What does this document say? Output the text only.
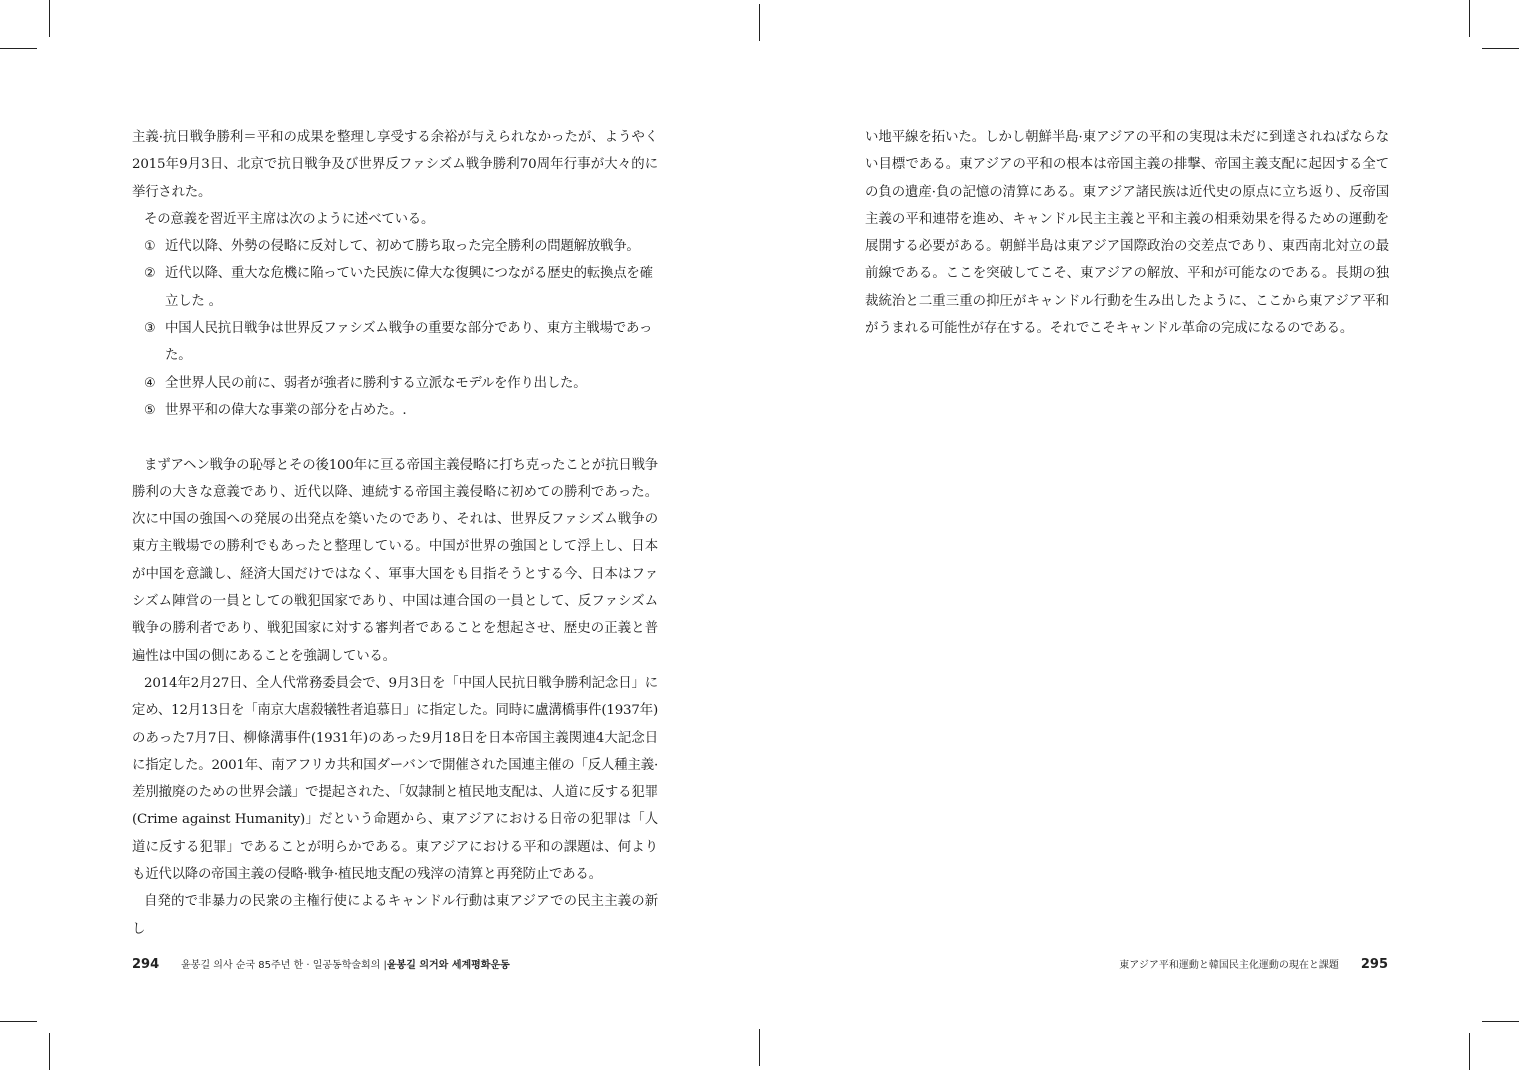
主義·抗日戦争勝利＝平和の成果を整理し享受する余裕が与えられなかったが、ようやく2015年9月3日、北京で抗日戦争及び世界反ファシズム戦争勝利70周年行事が大々的に挙行された。

その意義を習近平主席は次のように述べている。

① 近代以降、外勢の侵略に反対して、初めて勝ち取った完全勝利の問題解放戦争。
② 近代以降、重大な危機に陥っていた民族に偉大な復興につながる歴史的転換点を確立した 。
③ 中国人民抗日戦争は世界反ファシズム戦争の重要な部分であり、東方主戦場であった。
④ 全世界人民の前に、弱者が強者に勝利する立派なモデルを作り出した。
⑤ 世界平和の偉大な事業の部分を占めた。.

まずアヘン戦争の恥辱とその後100年に亘る帝国主義侵略に打ち克ったことが抗日戦争勝利の大きな意義であり、近代以降、連続する帝国主義侵略に初めての勝利であった。次に中国の強国への発展の出発点を築いたのであり、それは、世界反ファシズム戦争の東方主戦場での勝利でもあったと整理している。中国が世界の強国として浮上し、日本が中国を意識し、経済大国だけではなく、軍事大国をも目指そうとする今、日本はファシズム陣営の一員としての戦犯国家であり、中国は連合国の一員として、反ファシズム戦争の勝利者であり、戦犯国家に対する審判者であることを想起させ、歴史の正義と普遍性は中国の側にあることを強調している。

2014年2月27日、全人代常務委員会で、9月3日を「中国人民抗日戦争勝利記念日」に定め、12月13日を「南京大虐殺犠牲者追慕日」に指定した。同時に盧溝橋事件(1937年)のあった7月7日、柳條溝事件(1931年)のあった9月18日を日本帝国主義関連4大記念日に指定した。2001年、南アフリカ共和国ダーバンで開催された国連主催の「反人種主義·差別撤廃のための世界会議」で提起された、「奴隷制と植民地支配は、人道に反する犯罪(Crime against Humanity)」だという命題から、東アジアにおける日帝の犯罪は「人道に反する犯罪」であることが明らかである。東アジアにおける平和の課題は、何よりも近代以降の帝国主義の侵略·戦争·植民地支配の残滓の清算と再発防止である。

自発的で非暴力の民衆の主権行使によるキャンドル行動は東アジアでの民主主義の新し

い地平線を拓いた。しかし朝鮮半島·東アジアの平和の実現は未だに到達されねばならない目標である。東アジアの平和の根本は帝国主義の排撃、帝国主義支配に起因する全ての負の遺産·負の記憶の清算にある。東アジア諸民族は近代史の原点に立ち返り、反帝国主義の平和連帯を進め、キャンドル民主主義と平和主義の相乗効果を得るための運動を展開する必要がある。朝鮮半島は東アジア国際政治の交差点であり、東西南北対立の最前線である。ここを突破してこそ、東アジアの解放、平和が可能なのである。長期の独裁統治と二重三重の抑圧がキャンドル行動を生み出したように、ここから東アジア平和がうまれる可能性が存在する。それでこそキャンドル革命の完成になるのである。

294 윤봉길 의사 순국 85주년 한 · 일공동학술회의 | 윤봉길 의거와 세계평화운동	東アジア平和運動と韓国民主化運動の現在と課題 295
